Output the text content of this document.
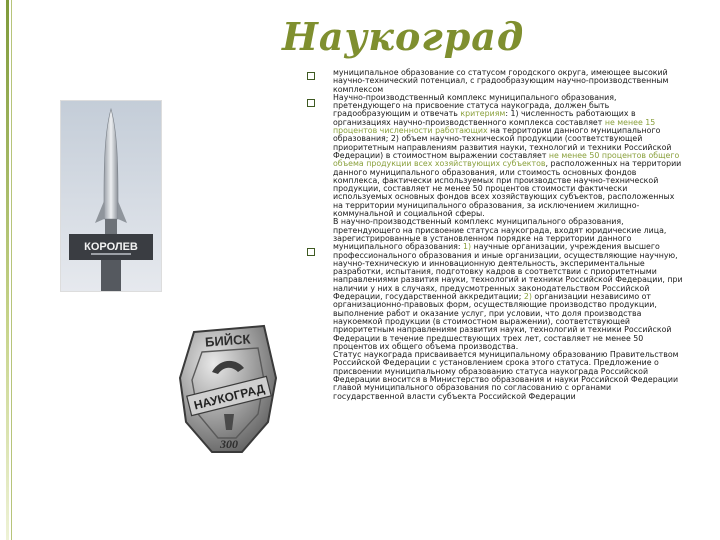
Наукоград
КОРОЛЕВ
БИЙСК
НАУКОГРАД
300

муниципальное образование со статусом городского округа, имеющее высокий научно-технический потенциал, с градообразующим научно-производственным комплексом

Научно-производственный комплекс муниципального образования, претендующего на присвоение статуса наукограда, должен быть градообразующим и отвечать критериям: 1) численность работающих в организациях научно-производственного комплекса составляет не менее 15 процентов численности работающих на территории данного муниципального образования; 2) объем научно-технической продукции (соответствующей приоритетным направлениям развития науки, технологий и техники Российской Федерации) в стоимостном выражении составляет не менее 50 процентов общего объема продукции всех хозяйствующих субъектов, расположенных на территории данного муниципального образования, или стоимость основных фондов комплекса, фактически используемых при производстве научно-технической продукции, составляет не менее 50 процентов стоимости фактически используемых основных фондов всех хозяйствующих субъектов, расположенных на территории муниципального образования, за исключением жилищно-коммунальной и социальной сферы.

В научно-производственный комплекс муниципального образования, претендующего на присвоение статуса наукограда, входят юридические лица, зарегистрированные в установленном порядке на территории данного муниципального образования: 1) научные организации, учреждения высшего профессионального образования и иные организации, осуществляющие научную, научно-техническую и инновационную деятельность, экспериментальные разработки, испытания, подготовку кадров в соответствии с приоритетными направлениями развития науки, технологий и техники Российской Федерации, при наличии у них в случаях, предусмотренных законодательством Российской Федерации, государственной аккредитации; 2) организации независимо от организационно-правовых форм, осуществляющие производство продукции, выполнение работ и оказание услуг, при условии, что доля производства наукоемкой продукции (в стоимостном выражении), соответствующей приоритетным направлениям развития науки, технологий и техники Российской Федерации в течение предшествующих трех лет, составляет не менее 50 процентов их общего объема производства.

Статус наукограда присваивается муниципальному образованию Правительством Российской Федерации с установлением срока этого статуса. Предложение о присвоении муниципальному образованию статуса наукограда Российской Федерации вносится в Министерство образования и науки Российской Федерации главой муниципального образования по согласованию с органами государственной власти субъекта Российской Федерации
